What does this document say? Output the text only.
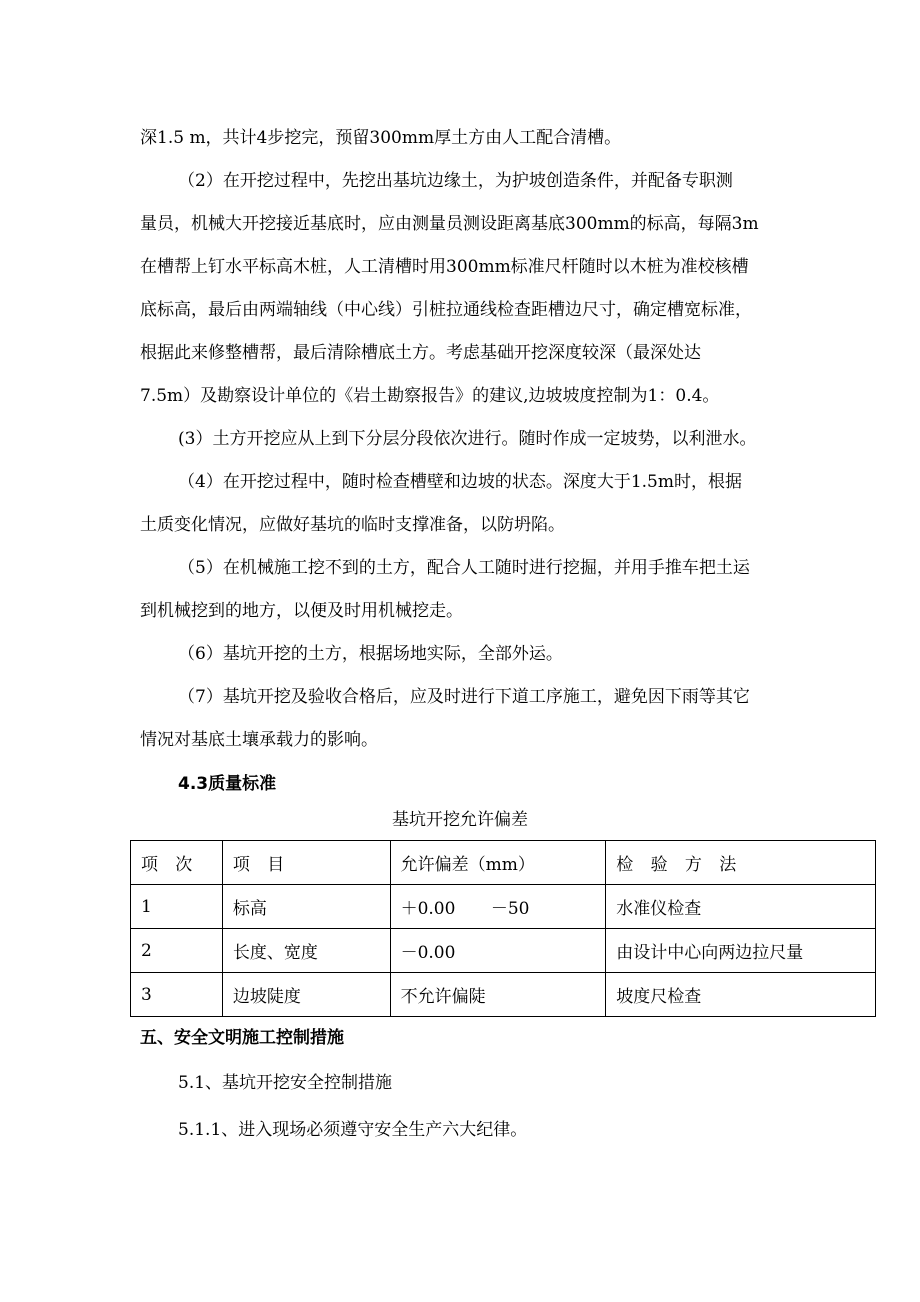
深1.5 m，共计4步挖完，预留300mm厚土方由人工配合清槽。
（2）在开挖过程中，先挖出基坑边缘土，为护坡创造条件，并配备专职测
量员，机械大开挖接近基底时，应由测量员测设距离基底300mm的标高，每隔3m
在槽帮上钉水平标高木桩，人工清槽时用300mm标准尺杆随时以木桩为准校核槽
底标高，最后由两端轴线（中心线）引桩拉通线检查距槽边尺寸，确定槽宽标准，
根据此来修整槽帮，最后清除槽底土方。考虑基础开挖深度较深（最深处达
7.5m）及勘察设计单位的《岩土勘察报告》的建议,边坡坡度控制为1：0.4。
(3）土方开挖应从上到下分层分段依次进行。随时作成一定坡势，以利泄水。
（4）在开挖过程中，随时检查槽壁和边坡的状态。深度大于1.5m时，根据
土质变化情况，应做好基坑的临时支撑准备，以防坍陷。
（5）在机械施工挖不到的土方，配合人工随时进行挖掘，并用手推车把土运
到机械挖到的地方，以便及时用机械挖走。
（6）基坑开挖的土方，根据场地实际，全部外运。
（7）基坑开挖及验收合格后，应及时进行下道工序施工，避免因下雨等其它
情况对基底土壤承载力的影响。
4.3质量标准
基坑开挖允许偏差
项 次	项 目	允许偏差（mm）	检 验 方 法
1	标高	＋0.00 －50	水准仪检查
2	长度、宽度	－0.00	由设计中心向两边拉尺量
3	边坡陡度	不允许偏陡	坡度尺检查
五、安全文明施工控制措施
5.1、基坑开挖安全控制措施
5.1.1、进入现场必须遵守安全生产六大纪律。
